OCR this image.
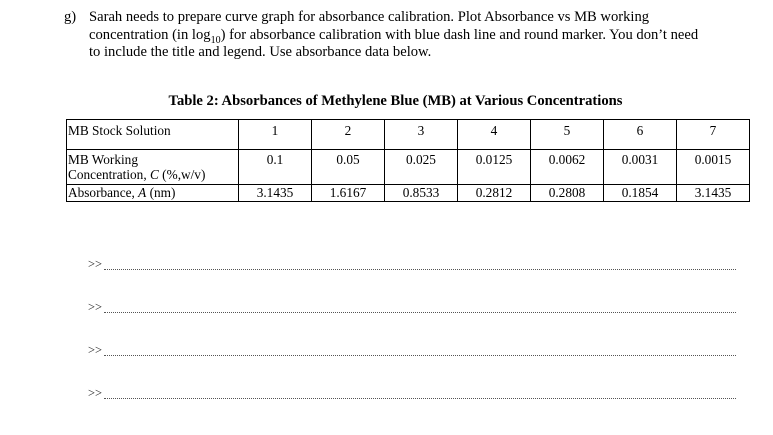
g) Sarah needs to prepare curve graph for absorbance calibration. Plot Absorbance vs MB working
concentration (in $\log_{10}$) for absorbance calibration with blue dash line and round marker. You don’t need
to include the title and legend. Use absorbance data below.
Table 2: Absorbances of Methylene Blue (MB) at Various Concentrations
MB Stock Solution	1	2	3	4	5	6	7

MB Working
Concentration, C (%,w/v)	0.1	0.05	0.025	0.0125	0.0062	0.0031	0.0015
Absorbance, A (nm)	3.1435	1.6167	0.8533	0.2812	0.2808	0.1854	3.1435
>>
>>
>>
>>
